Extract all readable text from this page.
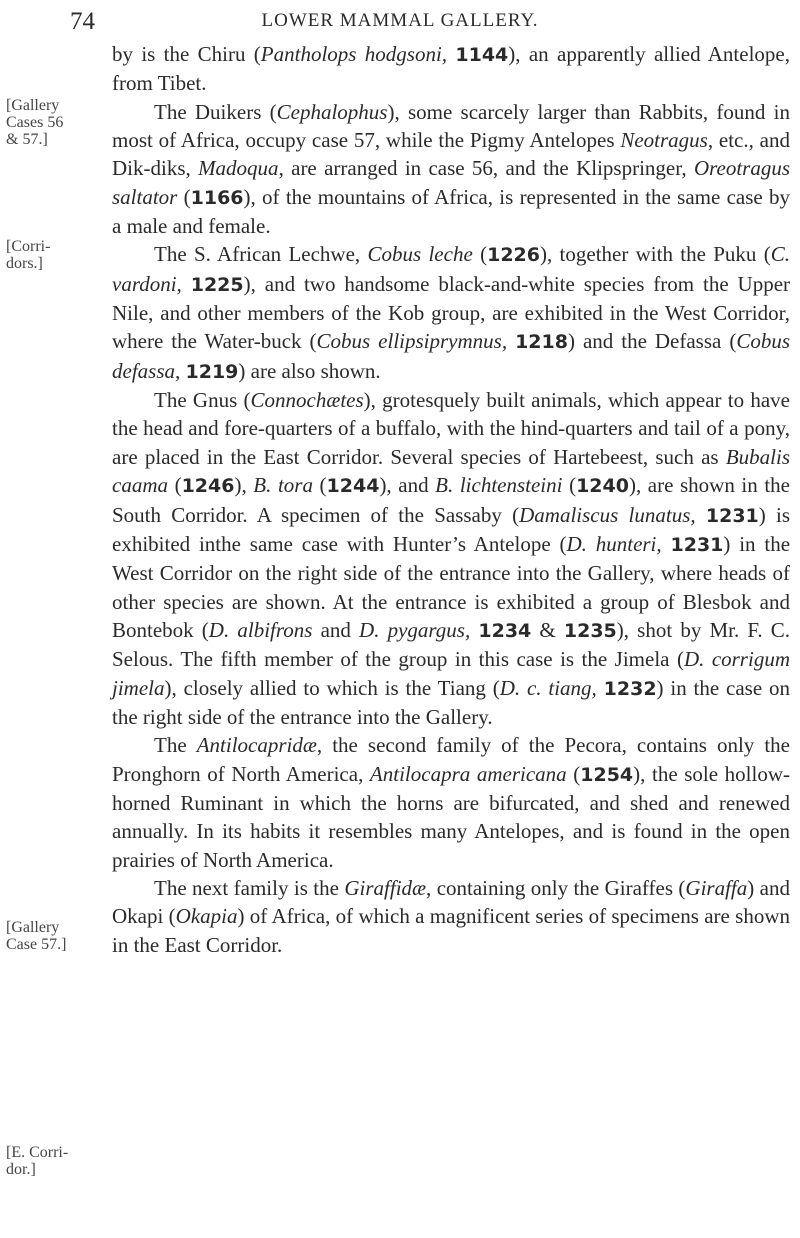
74	LOWER MAMMAL GALLERY.
[Gallery
Cases 56
& 57.]
[Corri-
dors.]
[Gallery
Case 57.]
[E. Corri-
dor.]

by is the Chiru (Pantholops hodgsoni, 1144), an apparently allied Antelope, from Tibet.

The Duikers (Cephalophus), some scarcely larger than Rabbits, found in most of Africa, occupy case 57, while the Pigmy Antelopes Neotragus, etc., and Dik-diks, Madoqua, are arranged in case 56, and the Klipspringer, Oreotragus saltator (1166), of the mountains of Africa, is represented in the same case by a male and female.

The S. African Lechwe, Cobus leche (1226), together with the Puku (C. vardoni, 1225), and two handsome black-and-white species from the Upper Nile, and other members of the Kob group, are exhibited in the West Corridor, where the Water-buck (Cobus ellipsiprymnus, 1218) and the Defassa (Cobus defassa, 1219) are also shown.

The Gnus (Connochætes), grotesquely built animals, which appear to have the head and fore-quarters of a buffalo, with the hind-quarters and tail of a pony, are placed in the East Corridor. Several species of Hartebeest, such as Bubalis caama (1246), B. tora (1244), and B. lichtensteini (1240), are shown in the South Corridor. A specimen of the Sassaby (Damaliscus lunatus, 1231) is exhibited inthe same case with Hunter’s Antelope (D. hunteri, 1231) in the West Corridor on the right side of the entrance into the Gallery, where heads of other species are shown. At the entrance is exhibited a group of Blesbok and Bontebok (D. albifrons and D. pygargus, 1234 & 1235), shot by Mr. F. C. Selous. The fifth member of the group in this case is the Jimela (D. corrigum jimela), closely allied to which is the Tiang (D. c. tiang, 1232) in the case on the right side of the entrance into the Gallery.

The Antilocapridæ, the second family of the Pecora, contains only the Pronghorn of North America, Antilocapra americana (1254), the sole hollow-horned Ruminant in which the horns are bifurcated, and shed and renewed annually. In its habits it resembles many Antelopes, and is found in the open prairies of North America.

The next family is the Giraffidæ, containing only the Giraffes (Giraffa) and Okapi (Okapia) of Africa, of which a magnificent series of specimens are shown in the East Corridor.
